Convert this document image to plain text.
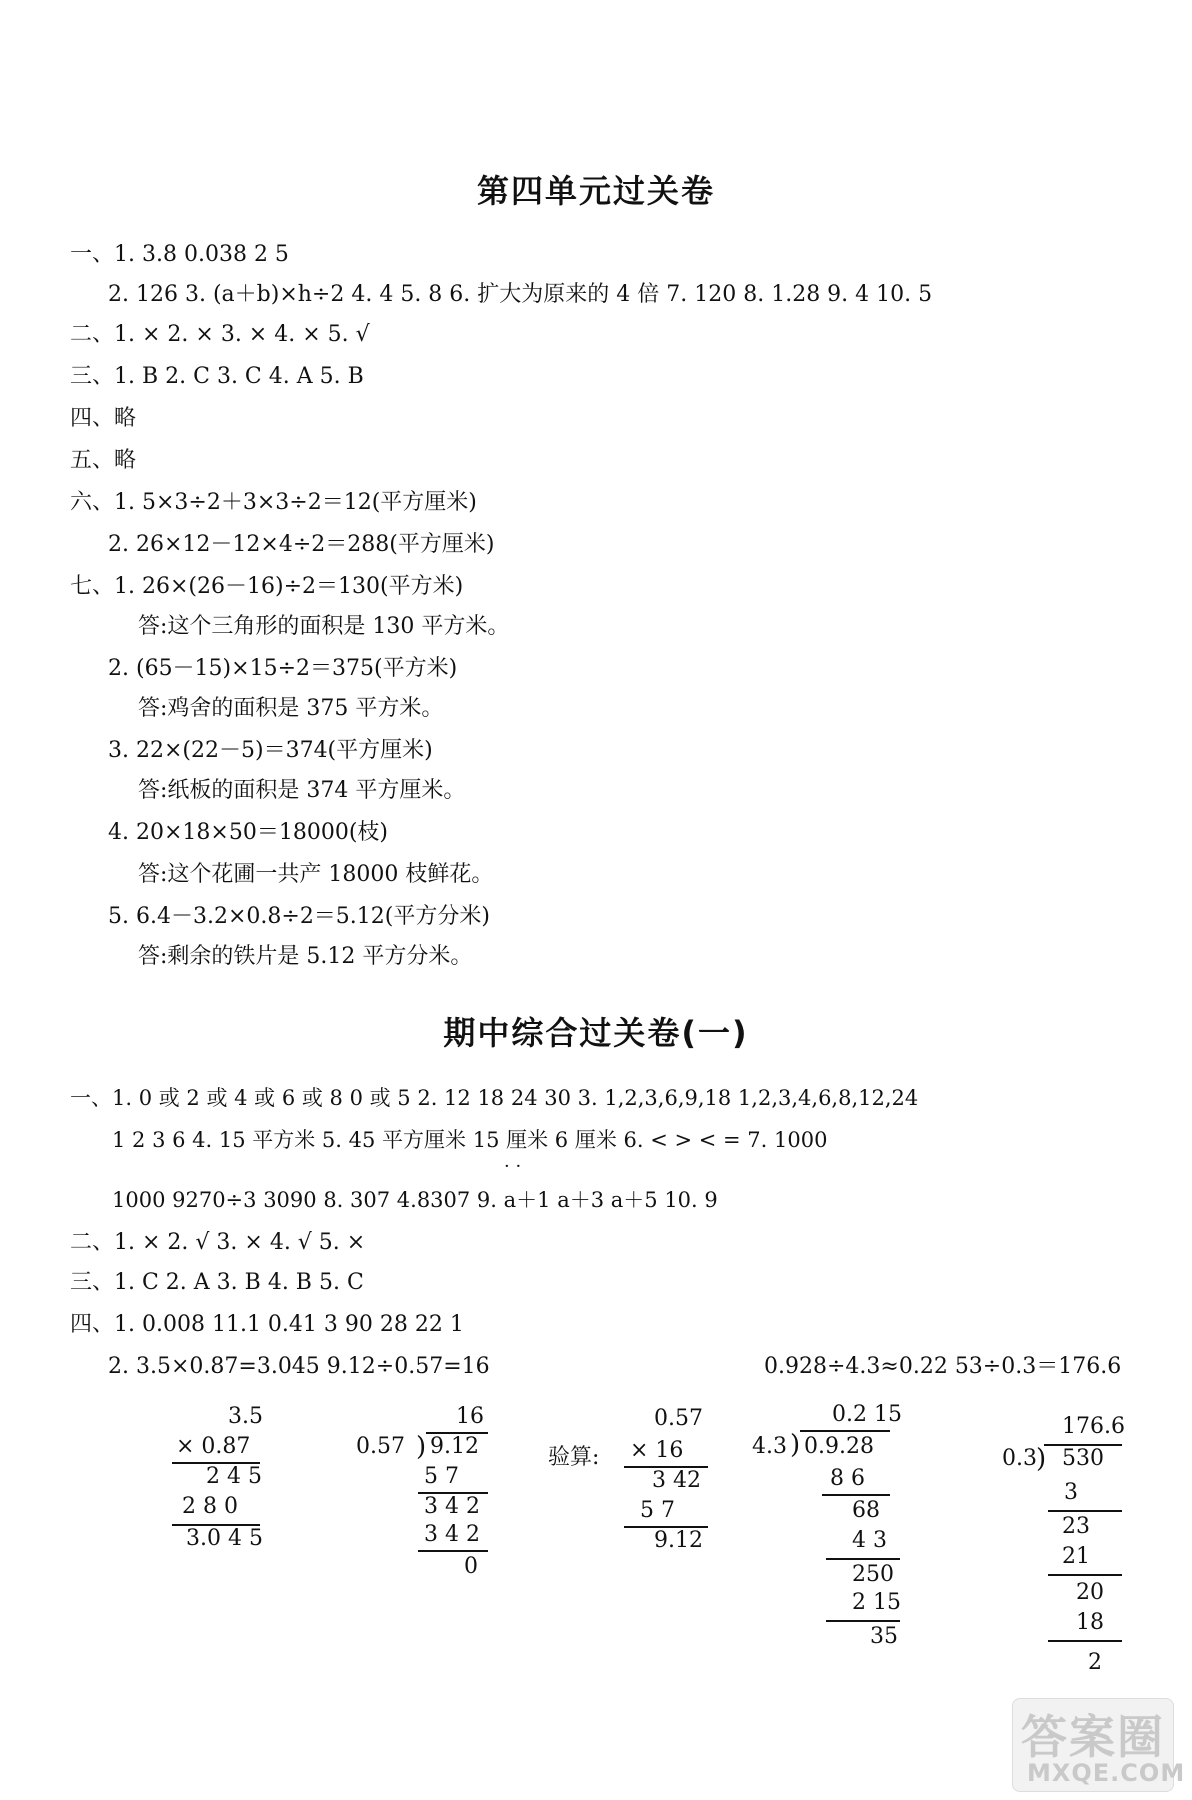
第四单元过关卷
一、1. 3.8 0.038 2 5
2. 126 3. (a＋b)×h÷2 4. 4 5. 8 6. 扩大为原来的 4 倍 7. 120 8. 1.28 9. 4 10. 5
二、1. × 2. × 3. × 4. × 5. √
三、1. B 2. C 3. C 4. A 5. B
四、略
五、略
六、1. 5×3÷2＋3×3÷2＝12(平方厘米)
2. 26×12－12×4÷2＝288(平方厘米)
七、1. 26×(26－16)÷2＝130(平方米)
答:这个三角形的面积是 130 平方米。
2. (65－15)×15÷2＝375(平方米)
答:鸡舍的面积是 375 平方米。
3. 22×(22－5)＝374(平方厘米)
答:纸板的面积是 374 平方厘米。
4. 20×18×50＝18000(枝)
答:这个花圃一共产 18000 枝鲜花。
5. 6.4－3.2×0.8÷2＝5.12(平方分米)
答:剩余的铁片是 5.12 平方分米。
期中综合过关卷(一)
一、1. 0 或 2 或 4 或 6 或 8 0 或 5 2. 12 18 24 30 3. 1,2,3,6,9,18 1,2,3,4,6,8,12,24
1 2 3 6 4. 15 平方米 5. 45 平方厘米 15 厘米 6 厘米 6. < > < = 7. 1000
· ·
1000 9270÷3 3090 8. 307 4.8307 9. a＋1 a＋3 a＋5 10. 9
二、1. × 2. √ 3. × 4. √ 5. ×
三、1. C 2. A 3. B 4. B 5. C
四、1. 0.008 11.1 0.41 3 90 28 22 1
2. 3.5×0.87=3.045 9.12÷0.57=16	0.928÷4.3≈0.22 53÷0.3＝176.6
3.5
× 0.87
2 4 5
2 8 0
3.0 4 5
16
0.57 ) 9.12
5 7
3 4 2
3 4 2
0
验算:
0.57
× 16
3 42
5 7
9.12
0.2 15
4.3 ) 0.9.28
8 6
68
4 3
250
2 15
35
176.6
0.3 ) 530
3
23
21
20
18
2
答案圈
MXQE.COM
